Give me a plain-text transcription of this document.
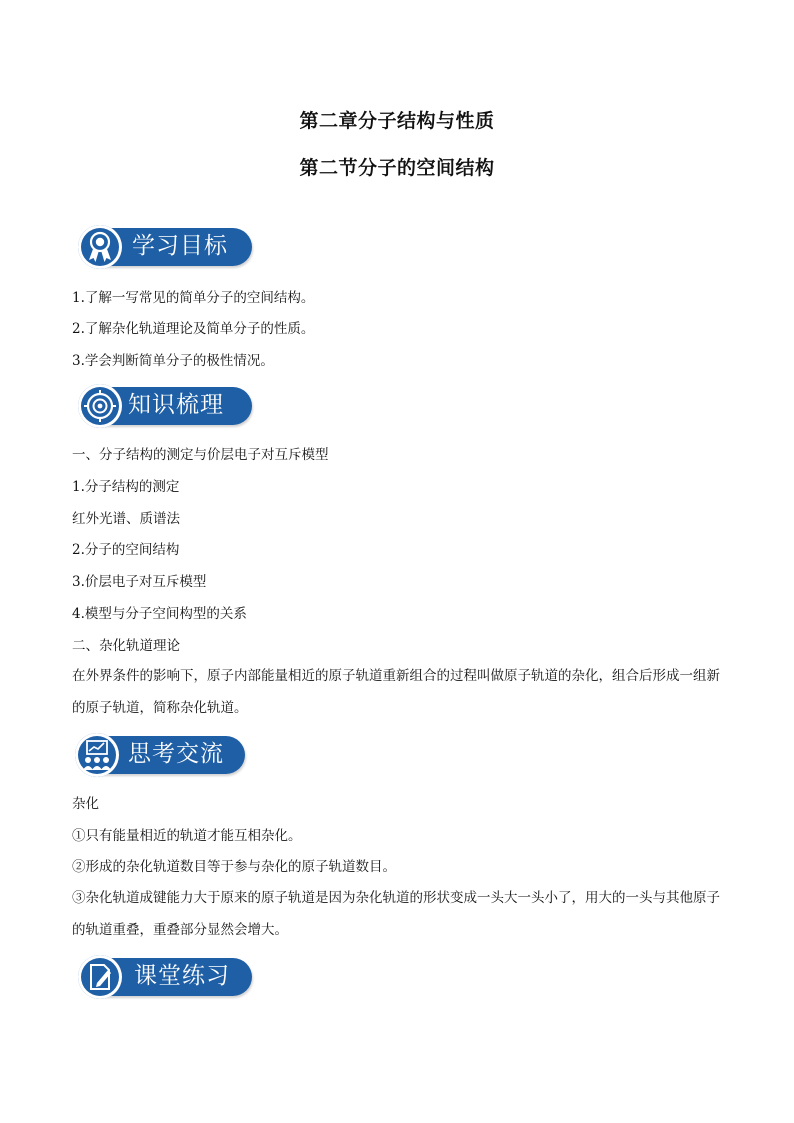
第二章分子结构与性质
第二节分子的空间结构
学习目标
1.了解一写常见的简单分子的空间结构。
2.了解杂化轨道理论及简单分子的性质。
3.学会判断简单分子的极性情况。
知识梳理
一、分子结构的测定与价层电子对互斥模型
1.分子结构的测定
红外光谱、质谱法
2.分子的空间结构
3.价层电子对互斥模型
4.模型与分子空间构型的关系
二、杂化轨道理论
在外界条件的影响下，原子内部能量相近的原子轨道重新组合的过程叫做原子轨道的杂化，组合后形成一组新的原子轨道，简称杂化轨道。
思考交流
杂化
①只有能量相近的轨道才能互相杂化。
②形成的杂化轨道数目等于参与杂化的原子轨道数目。
③杂化轨道成键能力大于原来的原子轨道是因为杂化轨道的形状变成一头大一头小了，用大的一头与其他原子的轨道重叠，重叠部分显然会增大。
课堂练习
